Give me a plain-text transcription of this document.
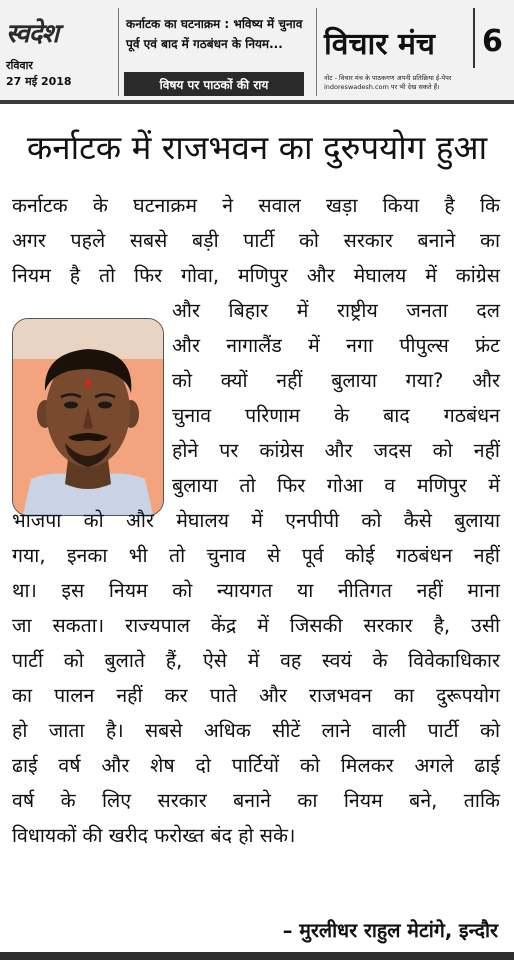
स्वदेश
रविवार
27 मई 2018
कर्नाटक का घटनाक्रम : भविष्य में चुनाव
पूर्व एवं बाद में गठबंधन के नियम...
विषय पर पाठकों की राय
विचार मंच 6
नोट - विचार मंच के पाठकगण अपनी प्रतिक्रिया ई-पेपर
indoreswadesh.com पर भी देख सकते हैं।
कर्नाटक में राजभवन का दुरुपयोग हुआ
कर्नाटक के घटनाक्रम ने सवाल खड़ा किया है कि
अगर पहले सबसे बड़ी पार्टी को सरकार बनाने का
नियम है तो फिर गोवा, मणिपुर और मेघालय में कांग्रेस
और बिहार में राष्ट्रीय जनता दल
और नागालैंड में नगा पीपुल्स फ्रंट
को क्यों नहीं बुलाया गया? और
चुनाव परिणाम के बाद गठबंधन
होने पर कांग्रेस और जदस को नहीं
बुलाया तो फिर गोआ व मणिपुर में
भाजपा को और मेघालय में एनपीपी को कैसे बुलाया
गया, इनका भी तो चुनाव से पूर्व कोई गठबंधन नहीं
था। इस नियम को न्यायगत या नीतिगत नहीं माना
जा सकता। राज्यपाल केंद्र में जिसकी सरकार है, उसी
पार्टी को बुलाते हैं, ऐसे में वह स्वयं के विवेकाधिकार
का पालन नहीं कर पाते और राजभवन का दुरूपयोग
हो जाता है। सबसे अधिक सीटें लाने वाली पार्टी को
ढाई वर्ष और शेष दो पार्टियों को मिलकर अगले ढाई
वर्ष के लिए सरकार बनाने का नियम बने, ताकि
विधायकों की खरीद फरोख्त बंद हो सके।
– मुरलीधर राहुल मेटांगे, इन्दौर
